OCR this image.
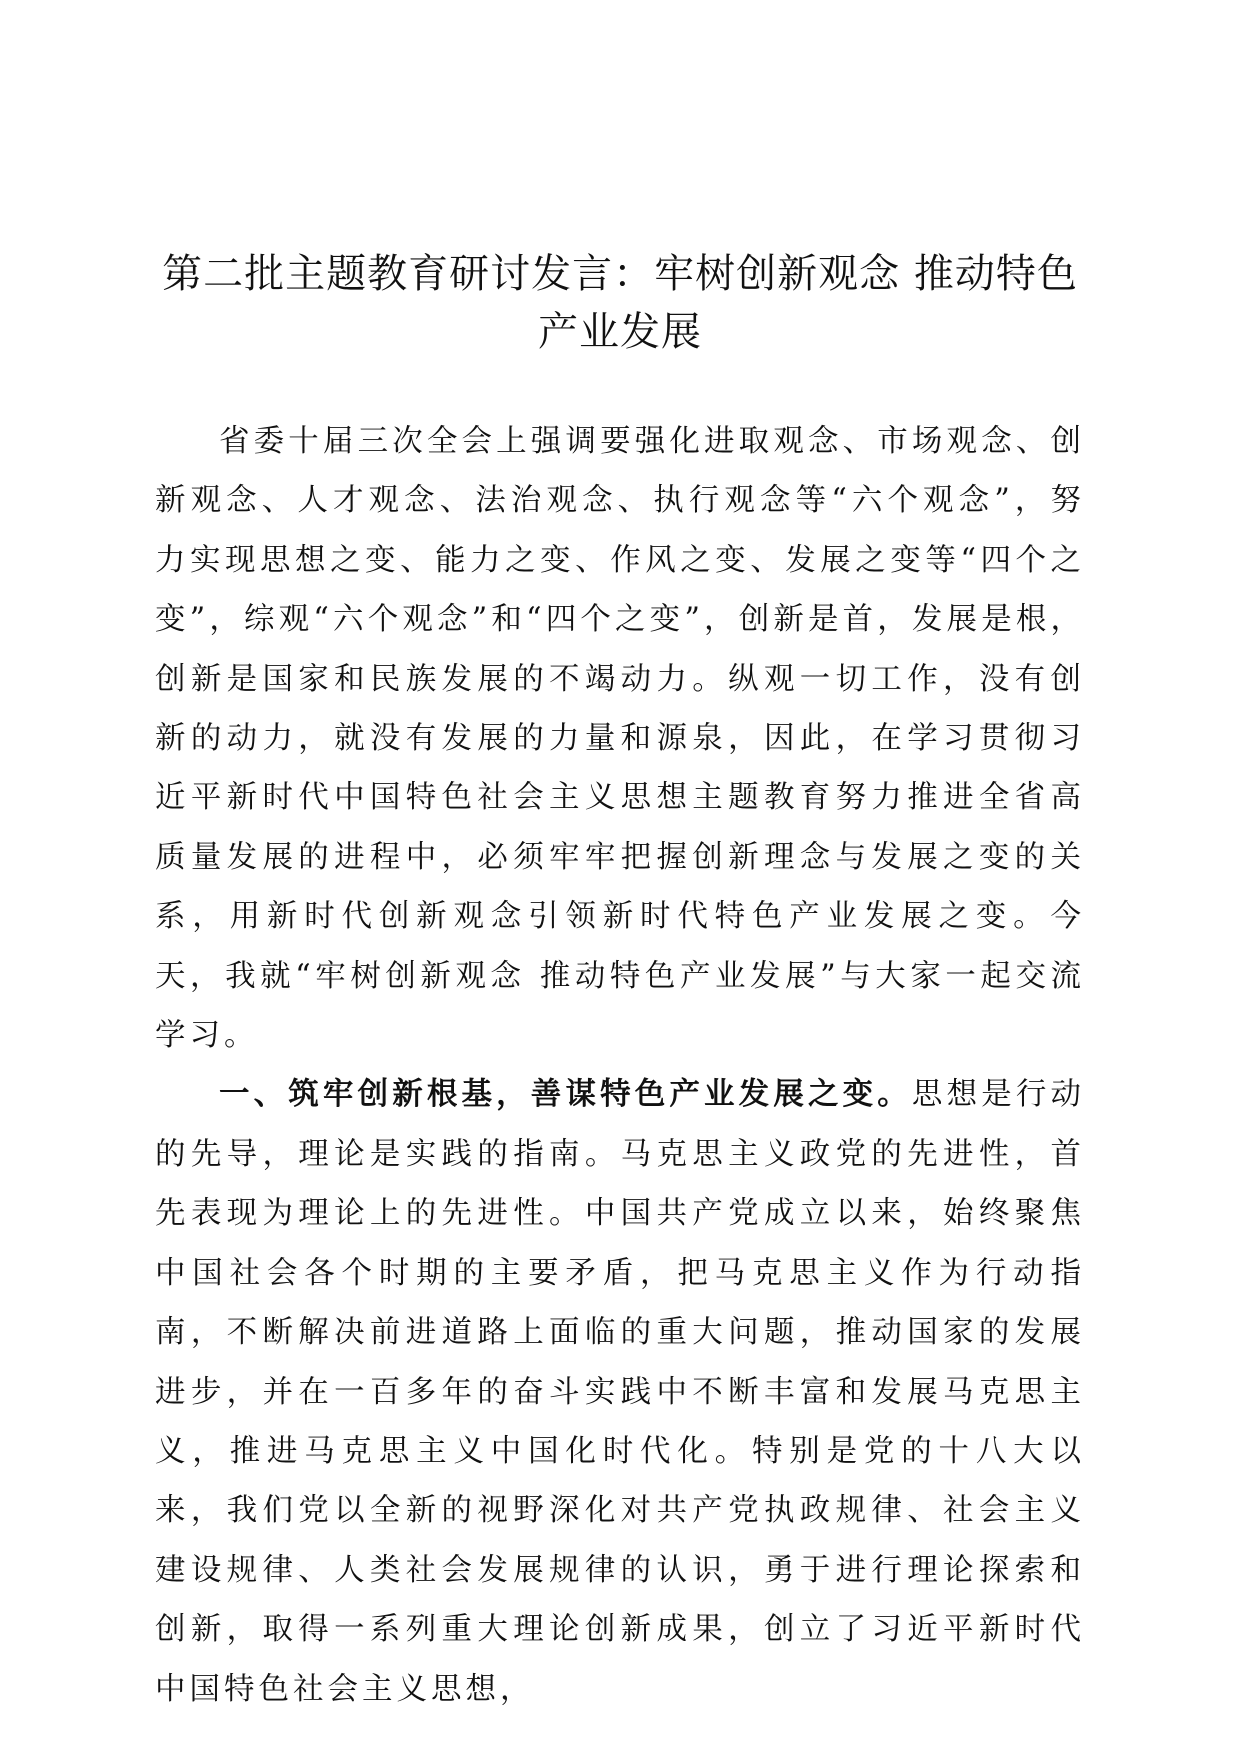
第二批主题教育研讨发言：牢树创新观念 推动特色产业发展

省委十届三次全会上强调要强化进取观念、市场观念、创新观念、人才观念、法治观念、执行观念等“六个观念”，努力实现思想之变、能力之变、作风之变、发展之变等“四个之变”，综观“六个观念”和“四个之变”，创新是首，发展是根，创新是国家和民族发展的不竭动力。纵观一切工作，没有创新的动力，就没有发展的力量和源泉，因此，在学习贯彻习近平新时代中国特色社会主义思想主题教育努力推进全省高质量发展的进程中，必须牢牢把握创新理念与发展之变的关系，用新时代创新观念引领新时代特色产业发展之变。今天，我就“牢树创新观念 推动特色产业发展”与大家一起交流学习。

一、筑牢创新根基，善谋特色产业发展之变。思想是行动的先导，理论是实践的指南。马克思主义政党的先进性，首先表现为理论上的先进性。中国共产党成立以来，始终聚焦中国社会各个时期的主要矛盾，把马克思主义作为行动指南，不断解决前进道路上面临的重大问题，推动国家的发展进步，并在一百多年的奋斗实践中不断丰富和发展马克思主义，推进马克思主义中国化时代化。特别是党的十八大以来，我们党以全新的视野深化对共产党执政规律、社会主义建设规律、人类社会发展规律的认识，勇于进行理论探索和创新，取得一系列重大理论创新成果，创立了习近平新时代中国特色社会主义思想，
